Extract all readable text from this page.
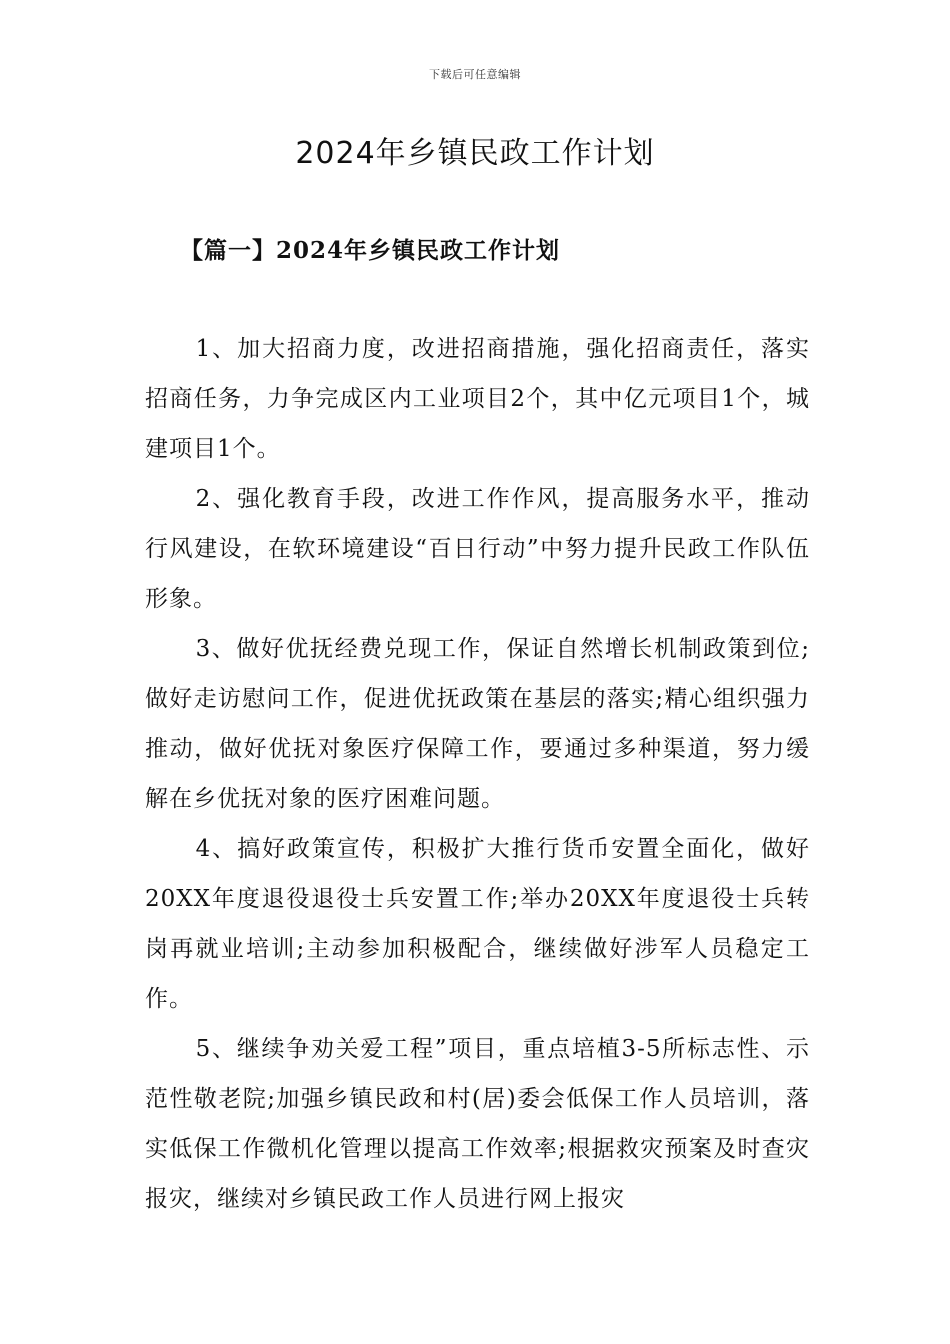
下载后可任意编辑
2024年乡镇民政工作计划
【篇一】2024年乡镇民政工作计划

1、加大招商力度，改进招商措施，强化招商责任，落实招商任务，力争完成区内工业项目2个，其中亿元项目1个，城建项目1个。

2、强化教育手段，改进工作作风，提高服务水平，推动行风建设，在软环境建设“百日行动”中努力提升民政工作队伍形象。

3、做好优抚经费兑现工作，保证自然增长机制政策到位;做好走访慰问工作，促进优抚政策在基层的落实;精心组织强力推动，做好优抚对象医疗保障工作，要通过多种渠道，努力缓解在乡优抚对象的医疗困难问题。

4、搞好政策宣传，积极扩大推行货币安置全面化，做好20XX年度退役退役士兵安置工作;举办20XX年度退役士兵转岗再就业培训;主动参加积极配合，继续做好涉军人员稳定工作。

5、继续争劝关爱工程”项目，重点培植3-5所标志性、示范性敬老院;加强乡镇民政和村(居)委会低保工作人员培训，落实低保工作微机化管理以提高工作效率;根据救灾预案及时查灾报灾，继续对乡镇民政工作人员进行网上报灾
